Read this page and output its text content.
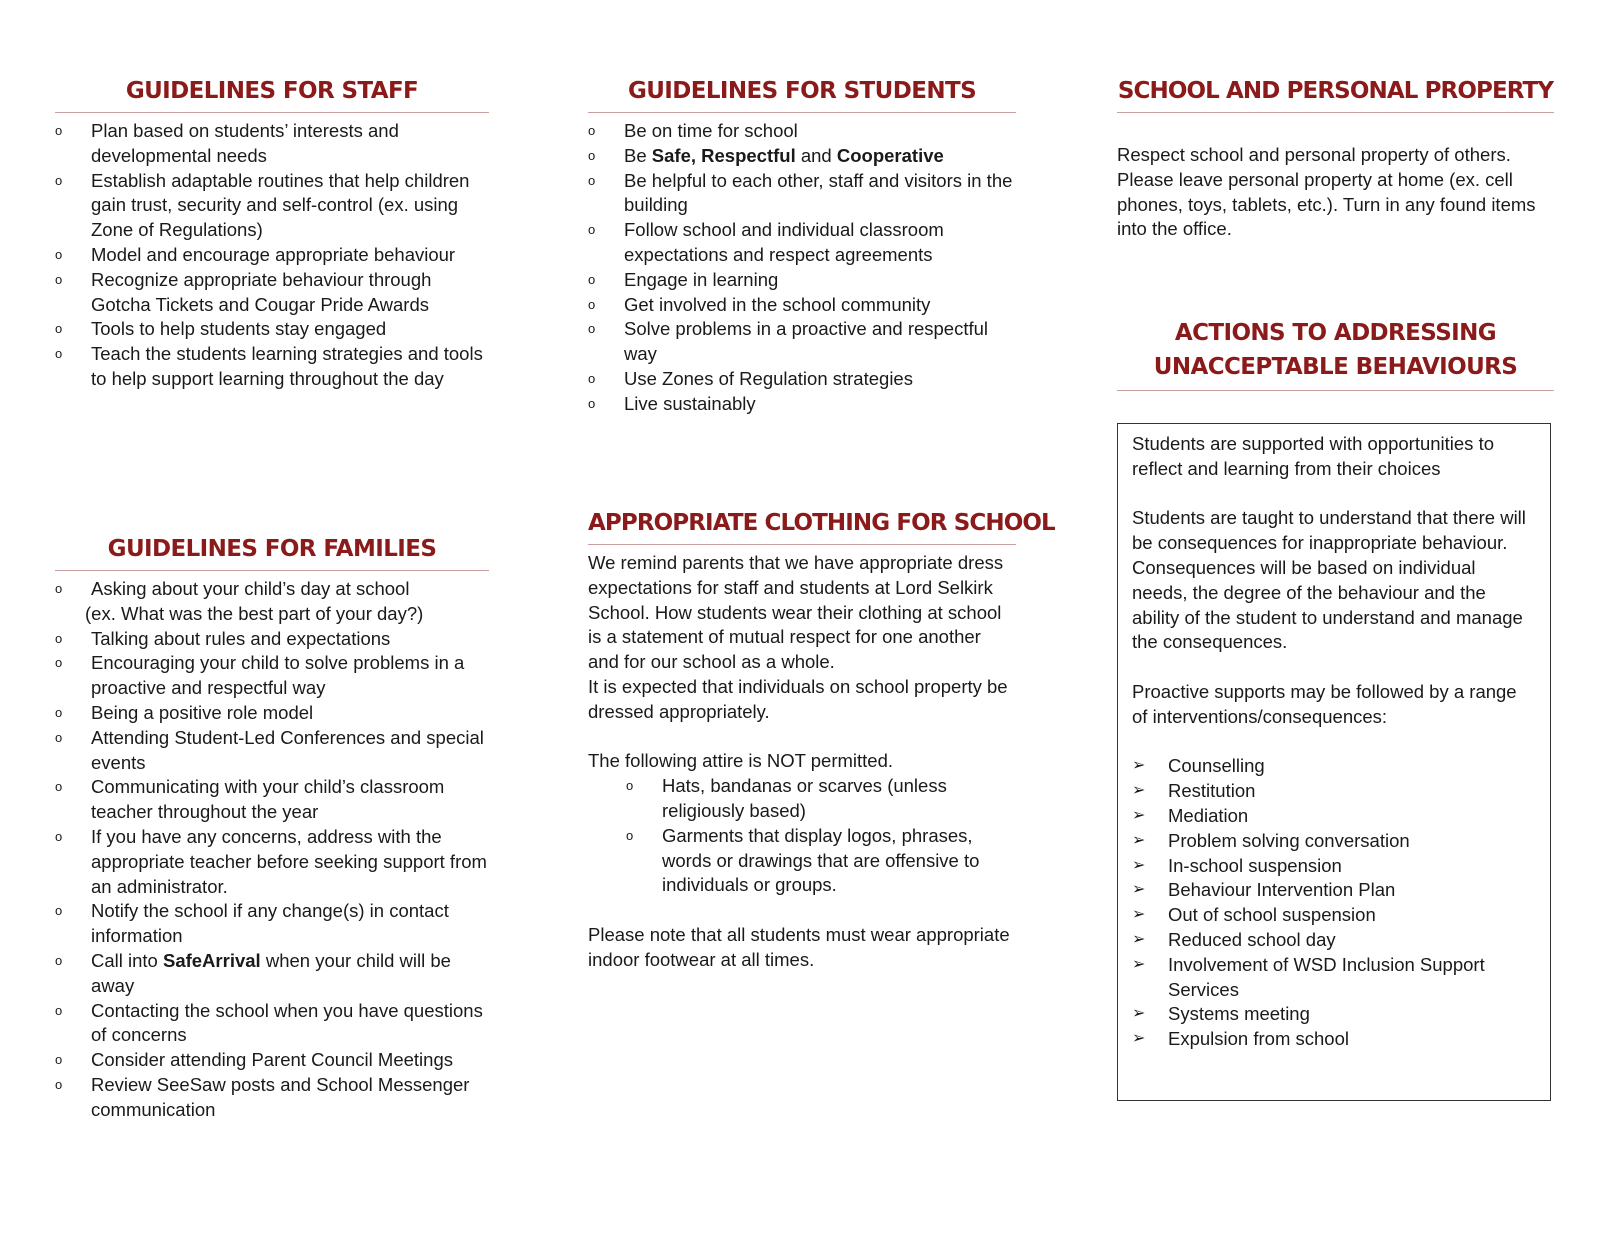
GUIDELINES FOR STAFF
o Plan based on students’ interests and developmental needs
o Establish adaptable routines that help children gain trust, security and self-control (ex. using Zone of Regulations)
o Model and encourage appropriate behaviour
o Recognize appropriate behaviour through Gotcha Tickets and Cougar Pride Awards
o Tools to help students stay engaged
o Teach the students learning strategies and tools to help support learning throughout the day
GUIDELINES FOR FAMILIES
o Asking about your child’s day at school
(ex. What was the best part of your day?)
o Talking about rules and expectations
o Encouraging your child to solve problems in a proactive and respectful way
o Being a positive role model
o Attending Student-Led Conferences and special events
o Communicating with your child’s classroom teacher throughout the year
o If you have any concerns, address with the appropriate teacher before seeking support from an administrator.
o Notify the school if any change(s) in contact information
o Call into SafeArrival when your child will be away
o Contacting the school when you have questions of concerns
o Consider attending Parent Council Meetings
o Review SeeSaw posts and School Messenger communication
GUIDELINES FOR STUDENTS
o Be on time for school
o Be Safe, Respectful and Cooperative
o Be helpful to each other, staff and visitors in the building
o Follow school and individual classroom expectations and respect agreements
o Engage in learning
o Get involved in the school community
o Solve problems in a proactive and respectful way
o Use Zones of Regulation strategies
o Live sustainably
APPROPRIATE CLOTHING FOR SCHOOL

We remind parents that we have appropriate dress expectations for staff and students at Lord Selkirk School. How students wear their clothing at school is a statement of mutual respect for one another and for our school as a whole.

It is expected that individuals on school property be dressed appropriately.

The following attire is NOT permitted.

o Hats, bandanas or scarves (unless religiously based)
o Garments that display logos, phrases, words or drawings that are offensive to individuals or groups.

Please note that all students must wear appropriate indoor footwear at all times.

SCHOOL AND PERSONAL PROPERTY

Respect school and personal property of others. Please leave personal property at home (ex. cell phones, toys, tablets, etc.). Turn in any found items into the office.

ACTIONS TO ADDRESSING
UNACCEPTABLE BEHAVIOURS

Students are supported with opportunities to reflect and learning from their choices

Students are taught to understand that there will be consequences for inappropriate behaviour. Consequences will be based on individual needs, the degree of the behaviour and the ability of the student to understand and manage the consequences.

Proactive supports may be followed by a range of interventions/consequences:

➢ Counselling
➢ Restitution
➢ Mediation
➢ Problem solving conversation
➢ In-school suspension
➢ Behaviour Intervention Plan
➢ Out of school suspension
➢ Reduced school day
➢ Involvement of WSD Inclusion Support Services
➢ Systems meeting
➢ Expulsion from school
